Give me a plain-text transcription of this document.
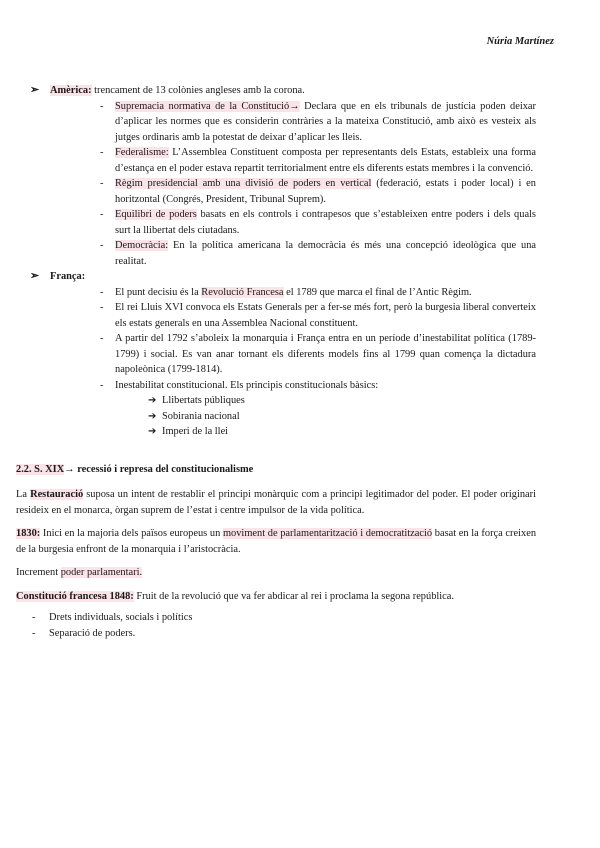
Núria Martínez

➢ Amèrica: trencament de 13 colònies angleses amb la corona.

- Supremacia normativa de la Constitució→ Declara que en els tribunals de justícia poden deixar d’aplicar les normes que es considerin contràries a la mateixa Constitució, amb això es vesteix als jutges ordinaris amb la potestat de deixar d’aplicar les lleis.
- Federalisme: L’Assemblea Constituent composta per representants dels Estats, estableix una forma d’estança en el poder estava repartit territorialment entre els diferents estats membres i la convenció.
- Règim presidencial amb una divisió de poders en vertical (federació, estats i poder local) i en horitzontal (Congrés, President, Tribunal Suprem).
- Equilibri de poders basats en els controls i contrapesos que s’estableixen entre poders i dels quals surt la llibertat dels ciutadans.
- Democràcia: En la política americana la democràcia és més una concepció ideològica que una realitat.

➢ França:

- El punt decisiu és la Revolució Francesa el 1789 que marca el final de l’Antic Règim.
- El rei Lluis XVI convoca els Estats Generals per a fer-se més fort, però la burgesia liberal converteix els estats generals en una Assemblea Nacional constituent.
- A partir del 1792 s’aboleix la monarquia i França entra en un període d’inestabilitat política (1789-1799) i social. Es van anar tornant els diferents models fins al 1799 quan comença la dictadura napoleònica (1799-1814).
- Inestabilitat constitucional. Els principis constitucionals bàsics:
➔ Llibertats públiques
➔ Sobirania nacional
➔ Imperi de la llei
2.2. S. XIX→ recessió i represa del constitucionalisme

La Restauració suposa un intent de restablir el principi monàrquic com a principi legitimador del poder. El poder originari resideix en el monarca, òrgan suprem de l’estat i centre impulsor de la vida política.

1830: Inici en la majoria dels països europeus un moviment de parlamentarització i democratització basat en la força creixen de la burgesia enfront de la monarquia i l’aristocràcia.

Increment poder parlamentari.

Constitució francesa 1848: Fruit de la revolució que va fer abdicar al rei i proclama la segona república.

- Drets individuals, socials i polítics
- Separació de poders.
